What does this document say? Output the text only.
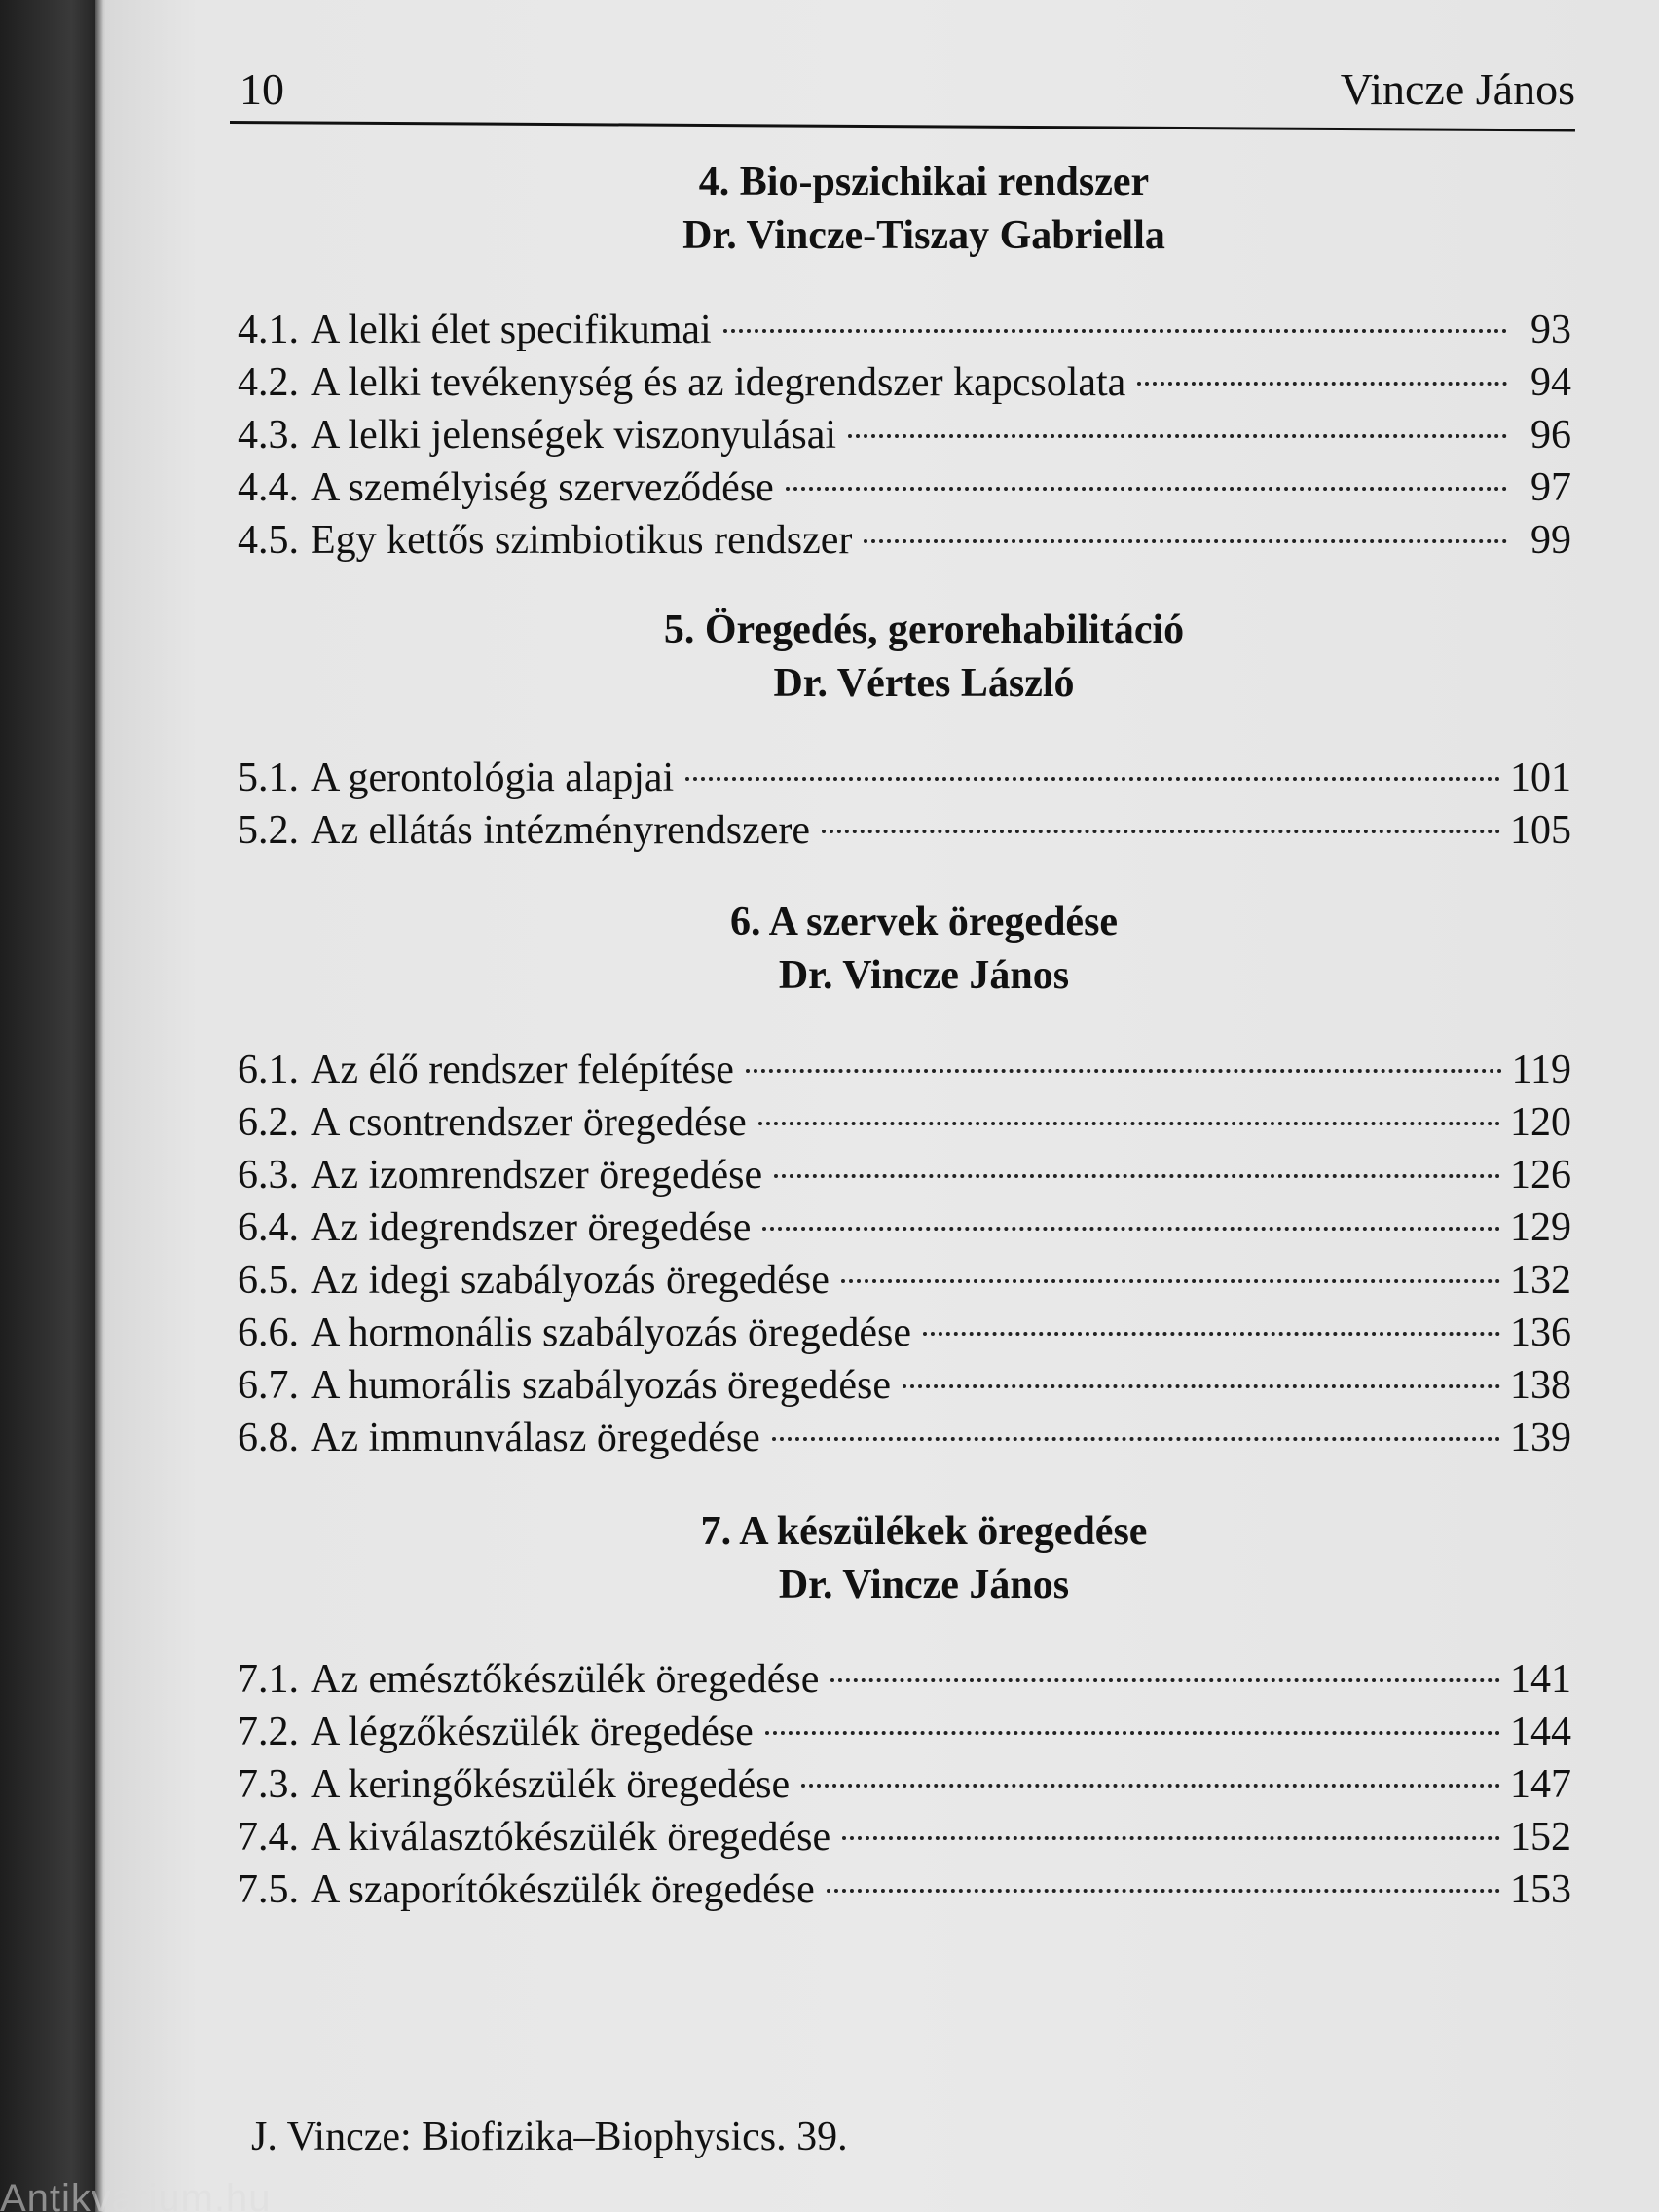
10	Vincze János
4. Bio-pszichikai rendszer
Dr. Vincze-Tiszay Gabriella
4.1. A lelki élet specifikumai	93
4.2. A lelki tevékenység és az idegrendszer kapcsolata	94
4.3. A lelki jelenségek viszonyulásai	96
4.4. A személyiség szerveződése	97
4.5. Egy kettős szimbiotikus rendszer	99
5. Öregedés, gerorehabilitáció
Dr. Vértes László
5.1. A gerontológia alapjai	101
5.2. Az ellátás intézményrendszere	105
6. A szervek öregedése
Dr. Vincze János
6.1. Az élő rendszer felépítése	119
6.2. A csontrendszer öregedése	120
6.3. Az izomrendszer öregedése	126
6.4. Az idegrendszer öregedése	129
6.5. Az idegi szabályozás öregedése	132
6.6. A hormonális szabályozás öregedése	136
6.7. A humorális szabályozás öregedése	138
6.8. Az immunválasz öregedése	139
7. A készülékek öregedése
Dr. Vincze János
7.1. Az emésztőkészülék öregedése	141
7.2. A légzőkészülék öregedése	144
7.3. A keringőkészülék öregedése	147
7.4. A kiválasztókészülék öregedése	152
7.5. A szaporítókészülék öregedése	153
J. Vincze: Biofizika–Biophysics. 39.
Antikvarium.hu
